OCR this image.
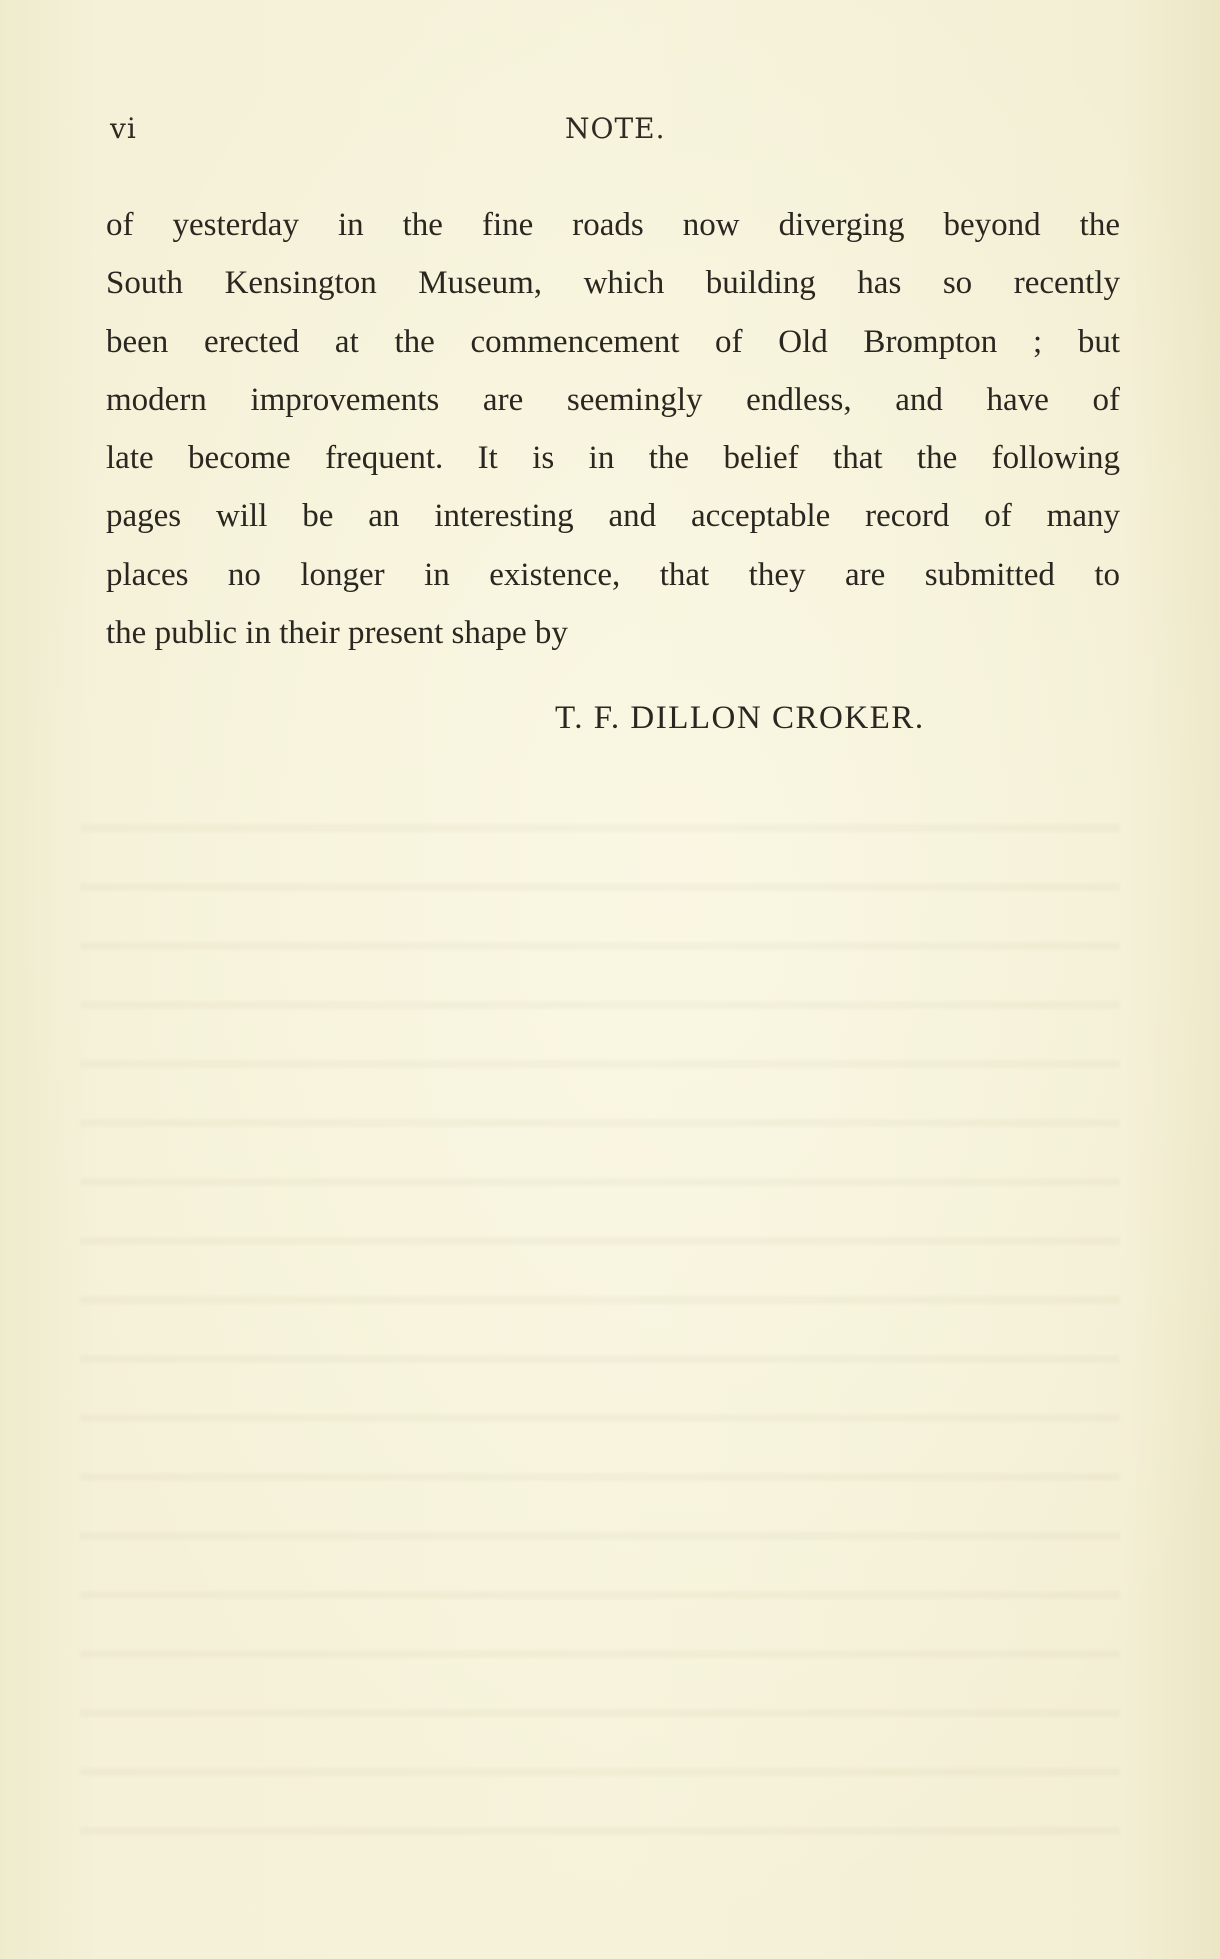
vi	NOTE.
of yesterday in the fine roads now diverging beyond the
South Kensington Museum, which building has so recently
been erected at the commencement of Old Brompton ; but
modern improvements are seemingly endless, and have of
late become frequent. It is in the belief that the following
pages will be an interesting and acceptable record of many
places no longer in existence, that they are submitted to
the public in their present shape by
T. F. DILLON CROKER.
